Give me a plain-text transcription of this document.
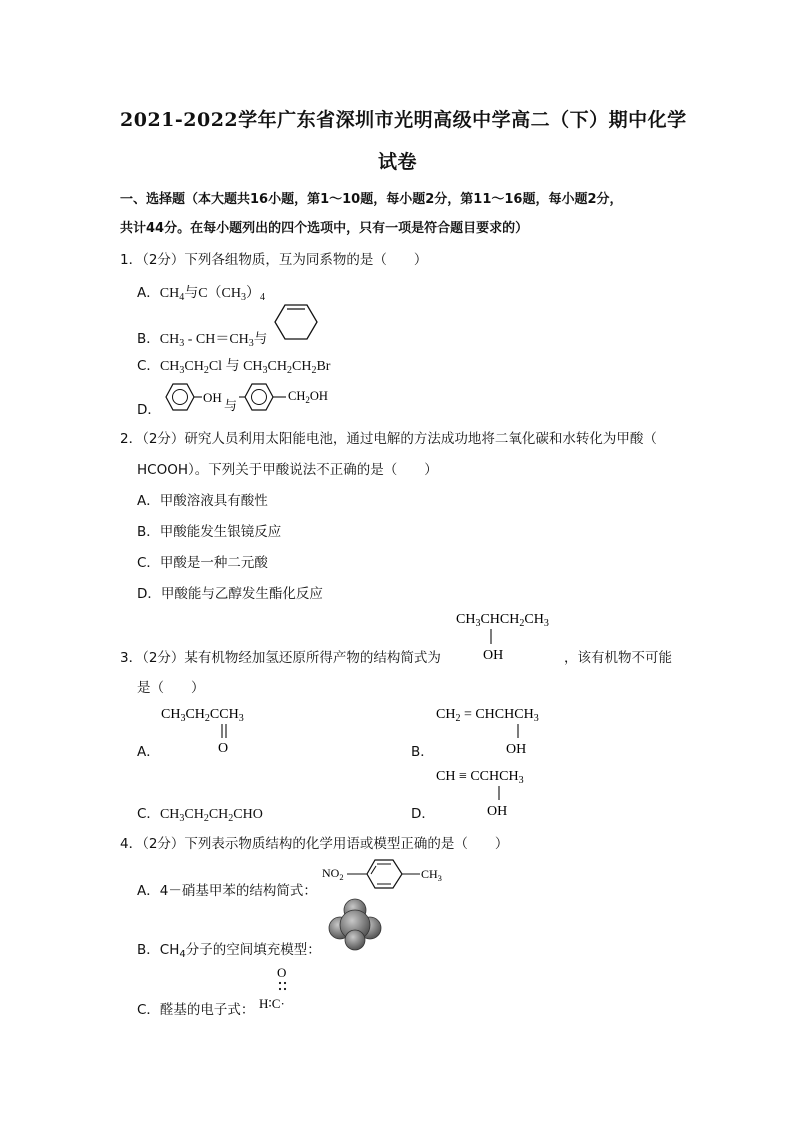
2021-2022学年广东省深圳市光明高级中学高二（下）期中化学
试卷
一、选择题（本大题共16小题，第1～10题，每小题2分，第11～16题，每小题2分，
共计44分。在每小题列出的四个选项中，只有一项是符合题目要求的）
1．（2分）下列各组物质，互为同系物的是（　　）
A．$CH_4$与$C(CH_3)_4$
B．$CH_3 - CH=CH_3$与
C．$CH_3CH_2Cl$ 与 $CH_3CH_2CH_2Br$
D．
OH
与
$CH_2OH$
2．（2分）研究人员利用太阳能电池，通过电解的方法成功地将二氧化碳和水转化为甲酸（
HCOOH）。下列关于甲酸说法不正确的是（　　）
A．甲酸溶液具有酸性
B．甲酸能发生银镜反应
C．甲酸是一种二元酸
D．甲酸能与乙醇发生酯化反应
$CH_3CHCH_2CH_3$
OH
3．（2分）某有机物经加氢还原所得产物的结构简式为	，该有机物不可能
是（　　）
A．
$CH_3CH_2CCH_3$
O	B．
$CH_2$ = $CHCHCH_3$
OH
C．$CH_3CH_2CH_2CHO$	D．
CH ≡ $CCHCH_3$
OH
4．（2分）下列表示物质结构的化学用语或模型正确的是（　　）
A．4－硝基甲苯的结构简式：
$NO_2$	$CH_3$
B．$CH_4$分子的空间填充模型：
C．醛基的电子式：
O
H∶C·
